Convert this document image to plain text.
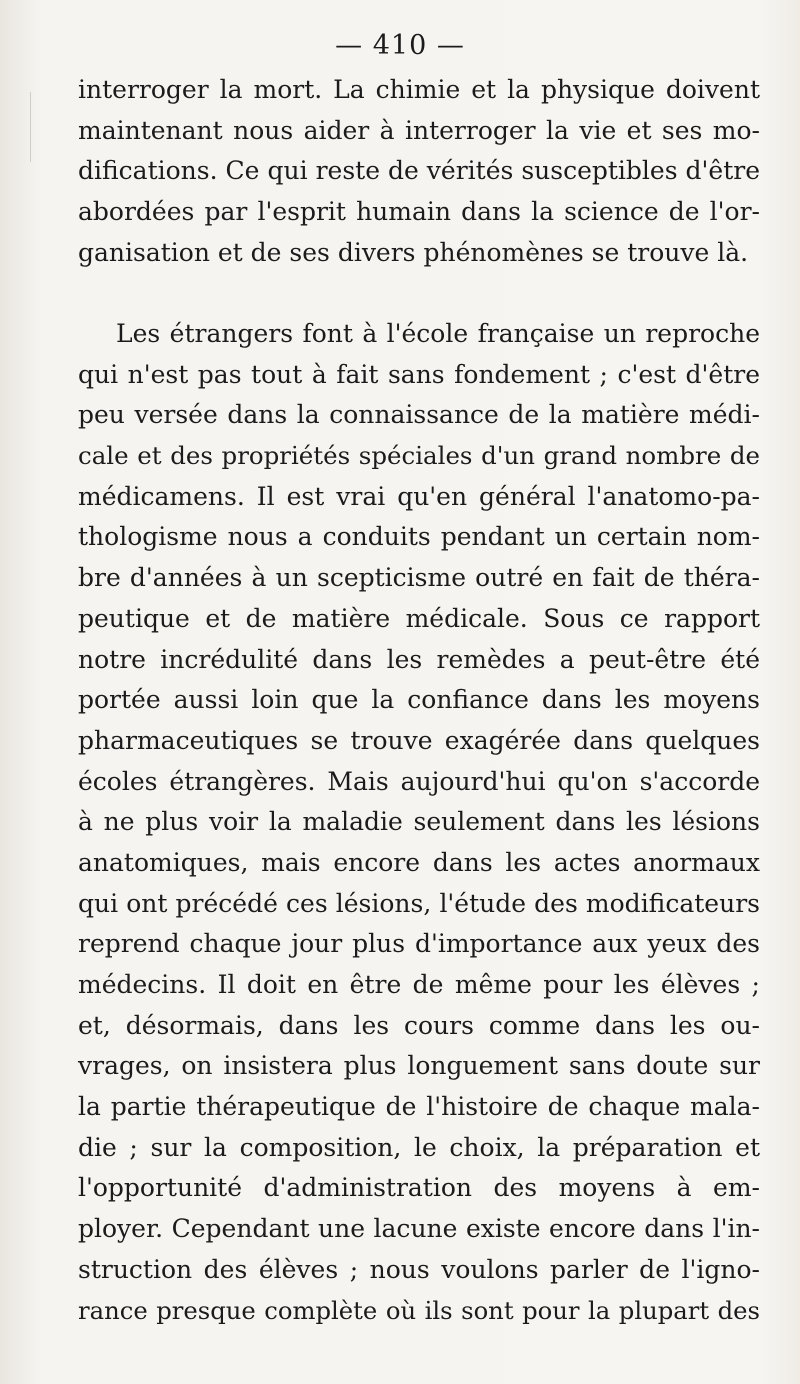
— 410 —

interroger la mort. La chimie et la physique doivent
maintenant nous aider à interroger la vie et ses mo-
difications. Ce qui reste de vérités susceptibles d'être
abordées par l'esprit humain dans la science de l'or-
ganisation et de ses divers phénomènes se trouve là.

Les étrangers font à l'école française un reproche
qui n'est pas tout à fait sans fondement ; c'est d'être
peu versée dans la connaissance de la matière médi-
cale et des propriétés spéciales d'un grand nombre de
médicamens. Il est vrai qu'en général l'anatomo-pa-
thologisme nous a conduits pendant un certain nom-
bre d'années à un scepticisme outré en fait de théra-
peutique et de matière médicale. Sous ce rapport
notre incrédulité dans les remèdes a peut-être été
portée aussi loin que la confiance dans les moyens
pharmaceutiques se trouve exagérée dans quelques
écoles étrangères. Mais aujourd'hui qu'on s'accorde
à ne plus voir la maladie seulement dans les lésions
anatomiques, mais encore dans les actes anormaux
qui ont précédé ces lésions, l'étude des modificateurs
reprend chaque jour plus d'importance aux yeux des
médecins. Il doit en être de même pour les élèves ;
et, désormais, dans les cours comme dans les ou-
vrages, on insistera plus longuement sans doute sur
la partie thérapeutique de l'histoire de chaque mala-
die ; sur la composition, le choix, la préparation et
l'opportunité d'administration des moyens à em-
ployer. Cependant une lacune existe encore dans l'in-
struction des élèves ; nous voulons parler de l'igno-
rance presque complète où ils sont pour la plupart des
